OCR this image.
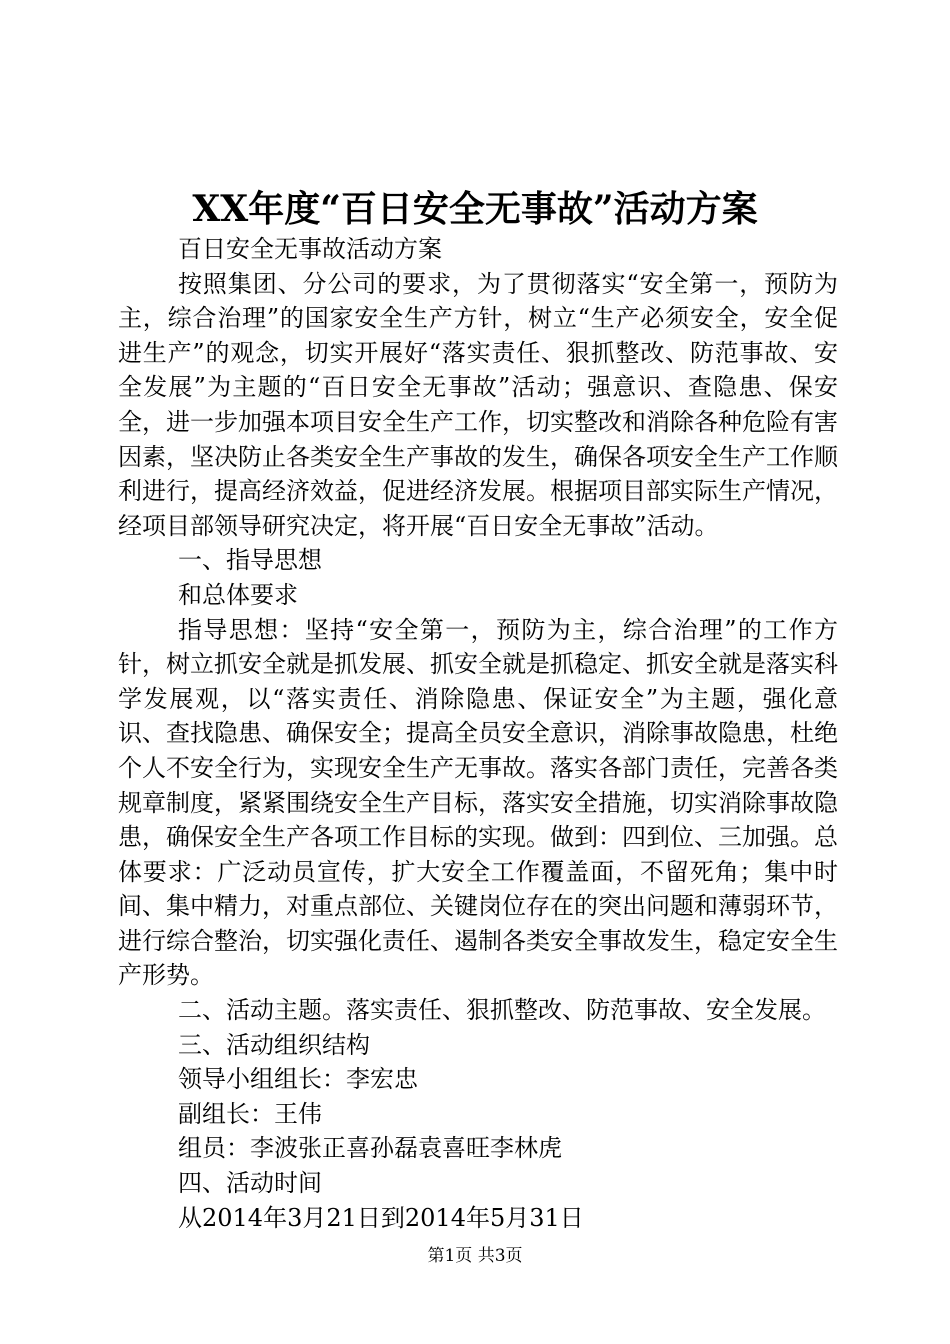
XX年度“百日安全无事故”活动方案

百日安全无事故活动方案

按照集团、分公司的要求，为了贯彻落实“安全第一，预防为主，综合治理”的国家安全生产方针，树立“生产必须安全，安全促进生产”的观念，切实开展好“落实责任、狠抓整改、防范事故、安全发展”为主题的“百日安全无事故”活动；强意识、查隐患、保安全，进一步加强本项目安全生产工作，切实整改和消除各种危险有害因素，坚决防止各类安全生产事故的发生，确保各项安全生产工作顺利进行，提高经济效益，促进经济发展。根据项目部实际生产情况，经项目部领导研究决定，将开展“百日安全无事故”活动。

一、指导思想

和总体要求

指导思想：坚持“安全第一，预防为主，综合治理”的工作方针，树立抓安全就是抓发展、抓安全就是抓稳定、抓安全就是落实科学发展观，以“落实责任、消除隐患、保证安全”为主题，强化意识、查找隐患、确保安全；提高全员安全意识，消除事故隐患，杜绝个人不安全行为，实现安全生产无事故。落实各部门责任，完善各类规章制度，紧紧围绕安全生产目标，落实安全措施，切实消除事故隐患，确保安全生产各项工作目标的实现。做到：四到位、三加强。总体要求：广泛动员宣传，扩大安全工作覆盖面，不留死角；集中时间、集中精力，对重点部位、关键岗位存在的突出问题和薄弱环节，进行综合整治，切实强化责任、遏制各类安全事故发生，稳定安全生产形势。

二、活动主题。落实责任、狠抓整改、防范事故、安全发展。

三、活动组织结构

领导小组组长：李宏忠

副组长：王伟

组员：李波张正喜孙磊袁喜旺李林虎

四、活动时间

从2014年3月21日到2014年5月31日

第1页 共3页
